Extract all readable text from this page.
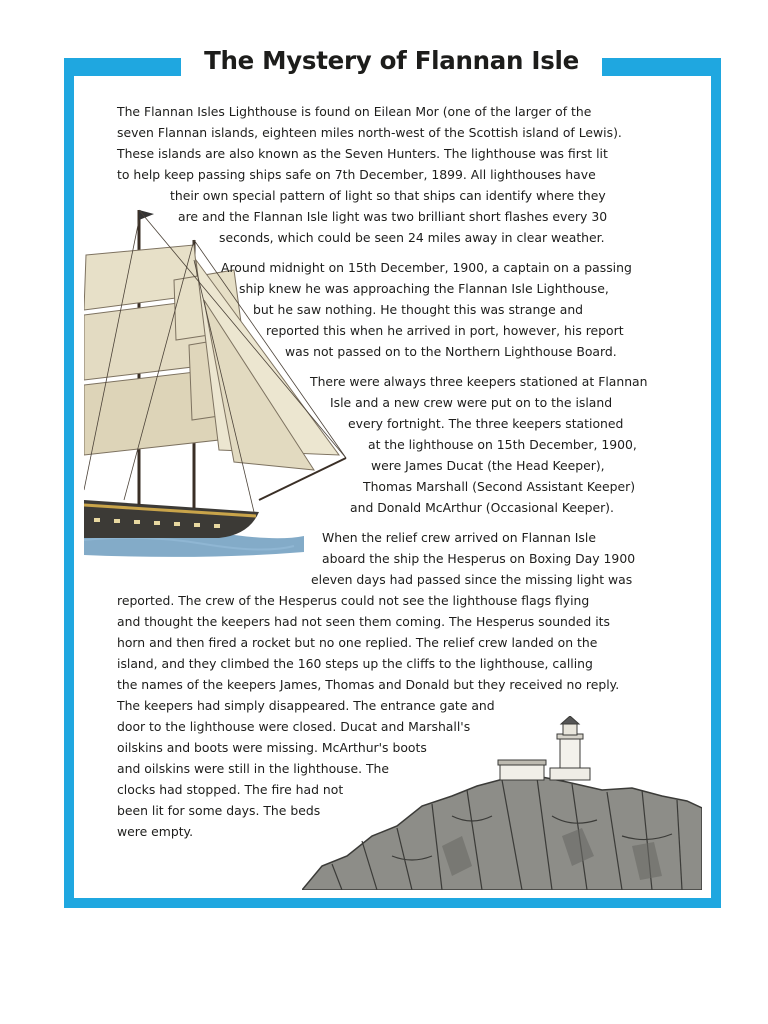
The Mystery of Flannan Isle
The Flannan Isles Lighthouse is found on Eilean Mor (one of the larger of the
seven Flannan islands, eighteen miles north-west of the Scottish island of Lewis).
These islands are also known as the Seven Hunters. The lighthouse was first lit
to help keep passing ships safe on 7th December, 1899. All lighthouses have
their own special pattern of light so that ships can identify where they
are and the Flannan Isle light was two brilliant short flashes every 30
seconds, which could be seen 24 miles away in clear weather.
Around midnight on 15th December, 1900, a captain on a passing
ship knew he was approaching the Flannan Isle Lighthouse,
but he saw nothing. He thought this was strange and
reported this when he arrived in port, however, his report
was not passed on to the Northern Lighthouse Board.
There were always three keepers stationed at Flannan
Isle and a new crew were put on to the island
every fortnight. The three keepers stationed
at the lighthouse on 15th December, 1900,
were James Ducat (the Head Keeper),
Thomas Marshall (Second Assistant Keeper)
and Donald McArthur (Occasional Keeper).
When the relief crew arrived on Flannan Isle
aboard the ship the Hesperus on Boxing Day 1900
eleven days had passed since the missing light was
reported. The crew of the Hesperus could not see the lighthouse flags flying
and thought the keepers had not seen them coming. The Hesperus sounded its
horn and then fired a rocket but no one replied. The relief crew landed on the
island, and they climbed the 160 steps up the cliffs to the lighthouse, calling
the names of the keepers James, Thomas and Donald but they received no reply.
The keepers had simply disappeared. The entrance gate and
door to the lighthouse were closed. Ducat and Marshall's
oilskins and boots were missing. McArthur's boots
and oilskins were still in the lighthouse. The
clocks had stopped. The fire had not
been lit for some days. The beds
were empty.
